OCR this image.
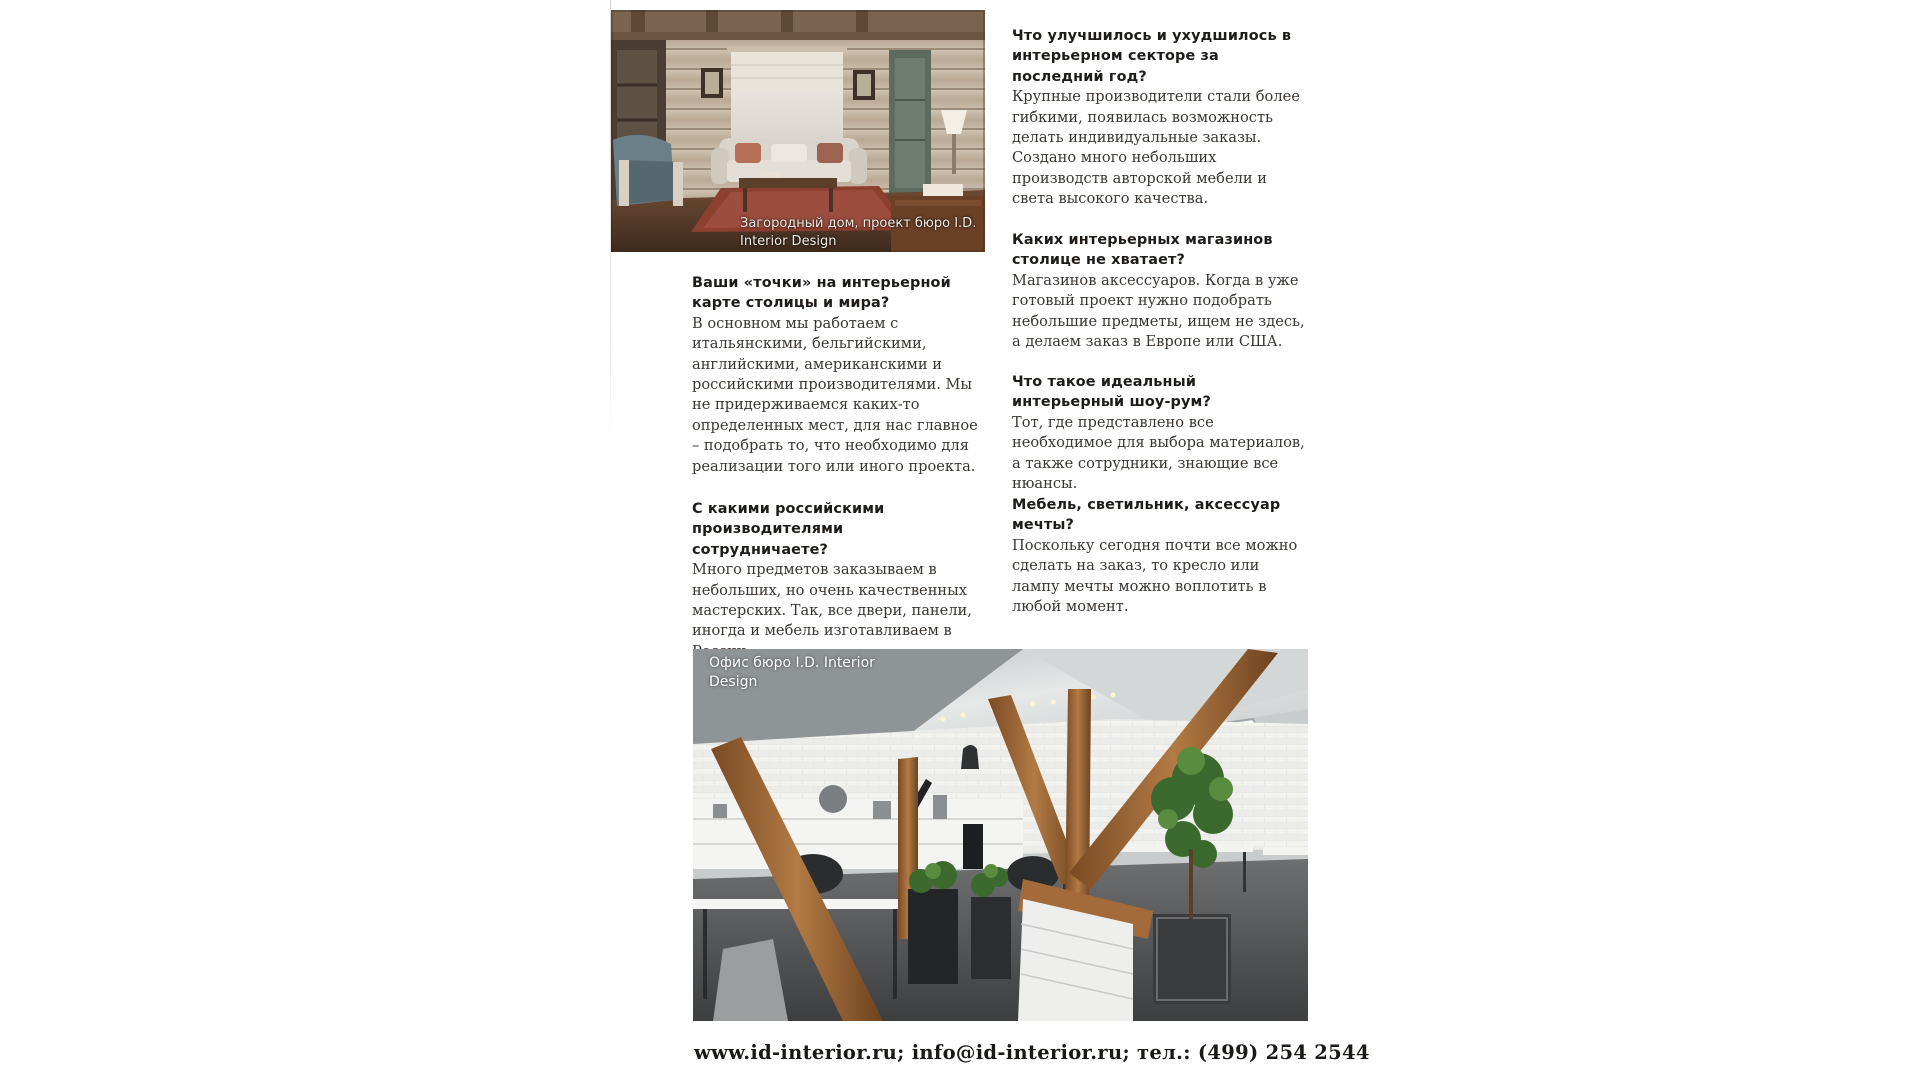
Загородный дом, проект бюро I.D. Interior Design

Ваши «точки» на интерьерной карте столицы и мира?

В основном мы работаем с итальянскими, бельгийскими, английскими, американскими и российскими производителями. Мы не придерживаемся каких-то определенных мест, для нас главное – подобрать то, что необходимо для реализации того или иного проекта.

С какими российскими производителями сотрудничаете?

Много предметов заказываем в небольших, но очень качественных мастерских. Так, все двери, панели, иногда и мебель изготавливаем в

Что улучшилось и ухудшилось в интерьерном секторе за последний год?

Крупные производители стали более гибкими, появилась возможность делать индивидуальные заказы. Создано много небольших производств авторской мебели и света высокого качества.

Каких интерьерных магазинов столице не хватает?

Магазинов аксессуаров. Когда в уже готовый проект нужно подобрать небольшие предметы, ищем не здесь, а делаем заказ в Европе или США.

Что такое идеальный интерьерный шоу-рум?

Тот, где представлено все необходимое для выбора материалов, а также сотрудники, знающие все нюансы.

Мебель, светильник, аксессуар мечты?

Поскольку сегодня почти все можно сделать на заказ, то кресло или лампу мечты можно воплотить в любой момент.

Офис бюро I.D. Interior Design
www.id-interior.ru; info@id-interior.ru; тел.: (499) 254 2544
